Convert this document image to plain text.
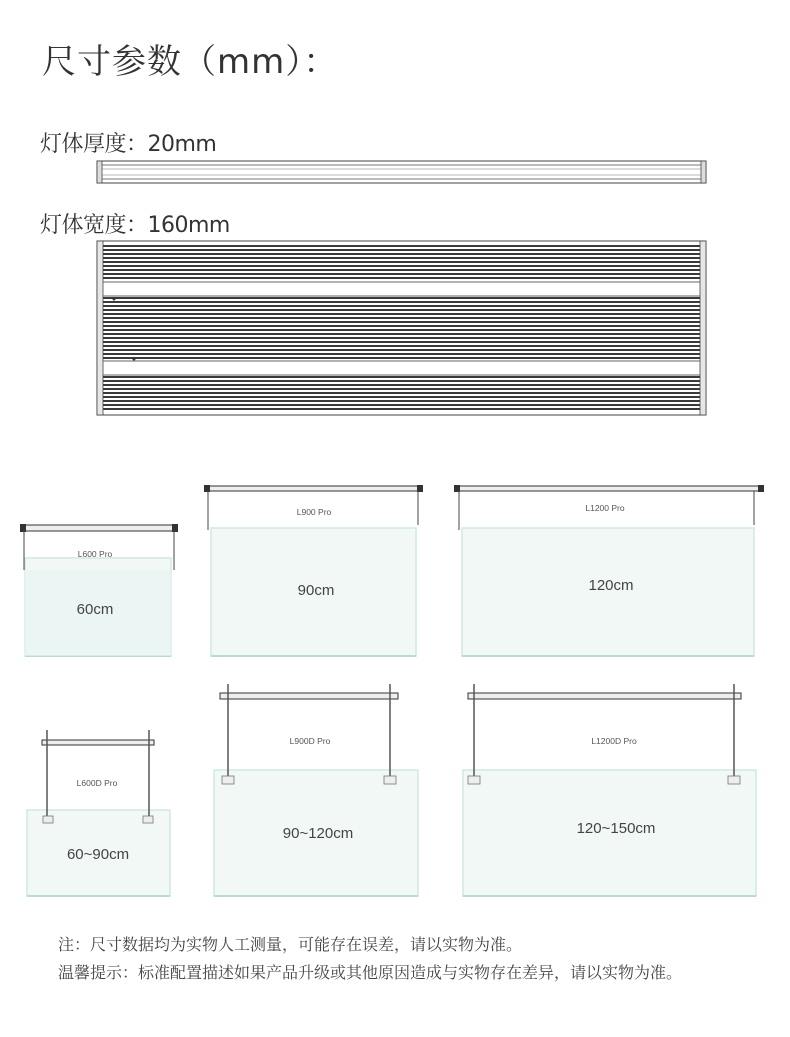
尺寸参数（mm）：
灯体厚度：20mm
灯体宽度：160mm
L600 Pro
60cm
L900 Pro
90cm
L1200 Pro
120cm
L600D Pro
60~90cm
L900D Pro
90~120cm
L1200D Pro
120~150cm
注：尺寸数据均为实物人工测量，可能存在误差，请以实物为准。
温馨提示：标准配置描述如果产品升级或其他原因造成与实物存在差异，请以实物为准。
